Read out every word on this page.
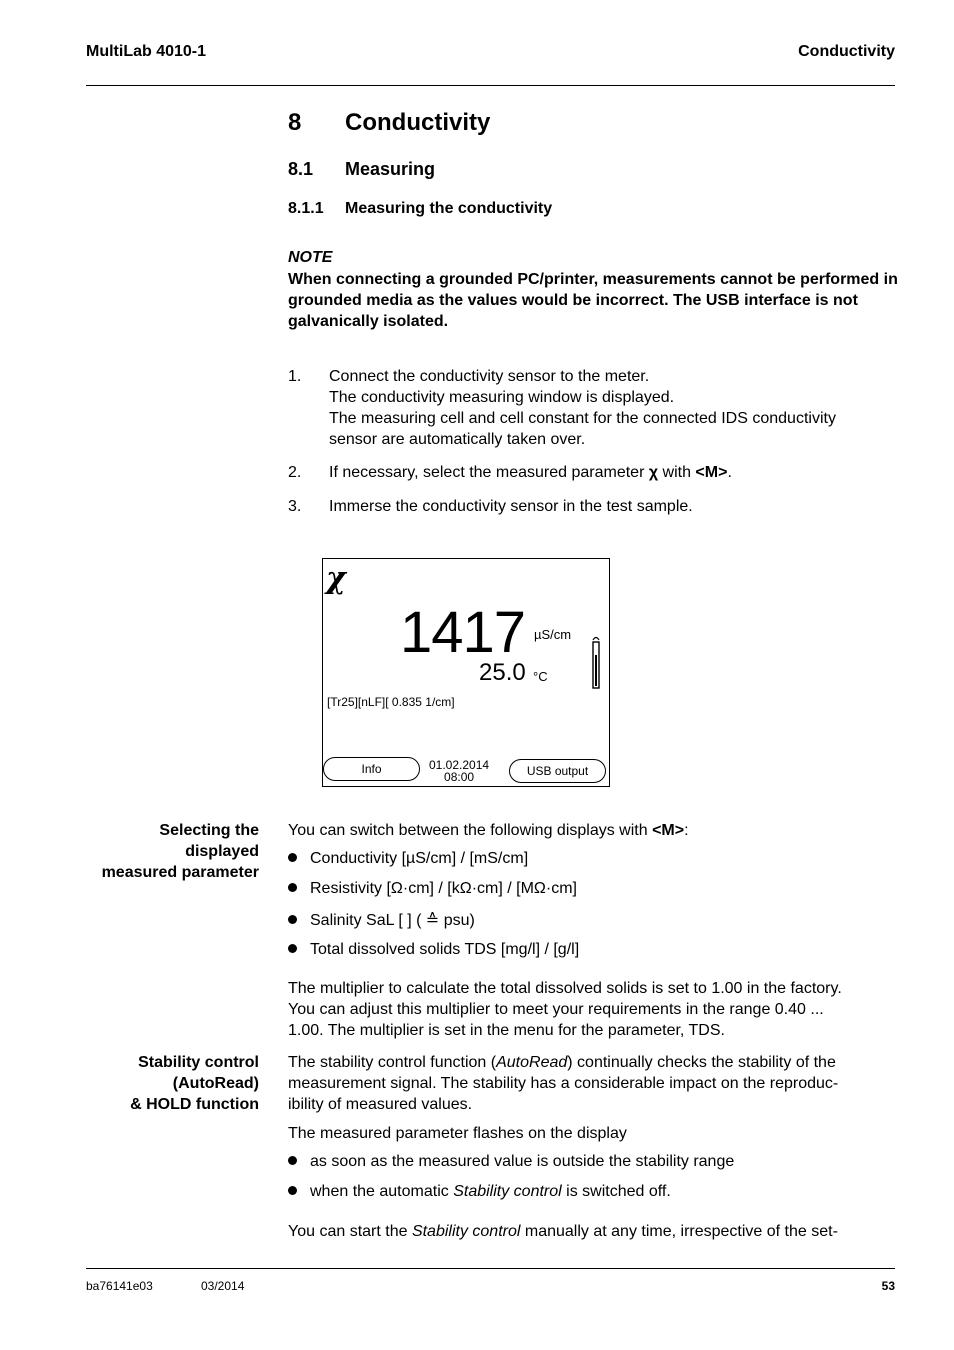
MultiLab 4010-1	Conductivity
8 Conductivity
8.1 Measuring
8.1.1 Measuring the conductivity
NOTE
When connecting a grounded PC/printer, measurements cannot be performed in grounded media as the values would be incorrect. The USB interface is not galvanically isolated.
1. Connect the conductivity sensor to the meter.
The conductivity measuring window is displayed.
The measuring cell and cell constant for the connected IDS conductivity
sensor are automatically taken over.
2. If necessary, select the measured parameter χ with <M>.
3. Immerse the conductivity sensor in the test sample.
χ
1417 µS/cm
25.0 °C
[Tr25][nLF][ 0.835 1/cm]
Info	01.02.2014
08:00	USB output
Selecting the
displayed
measured parameter
You can switch between the following displays with <M>:
Conductivity [µS/cm] / [mS/cm]
Resistivity [Ω·cm] / [kΩ·cm] / [MΩ·cm]
Salinity SaL [ ] ( ≙ psu)
Total dissolved solids TDS [mg/l] / [g/l]
The multiplier to calculate the total dissolved solids is set to 1.00 in the factory.
You can adjust this multiplier to meet your requirements in the range 0.40 ...
1.00. The multiplier is set in the menu for the parameter, TDS.
Stability control
(AutoRead)
& HOLD function
The stability control function (AutoRead) continually checks the stability of the
measurement signal. The stability has a considerable impact on the reproduc-
ibility of measured values.
The measured parameter flashes on the display
as soon as the measured value is outside the stability range
when the automatic Stability control is switched off.
You can start the Stability control manually at any time, irrespective of the set-
ba76141e03	03/2014	53
